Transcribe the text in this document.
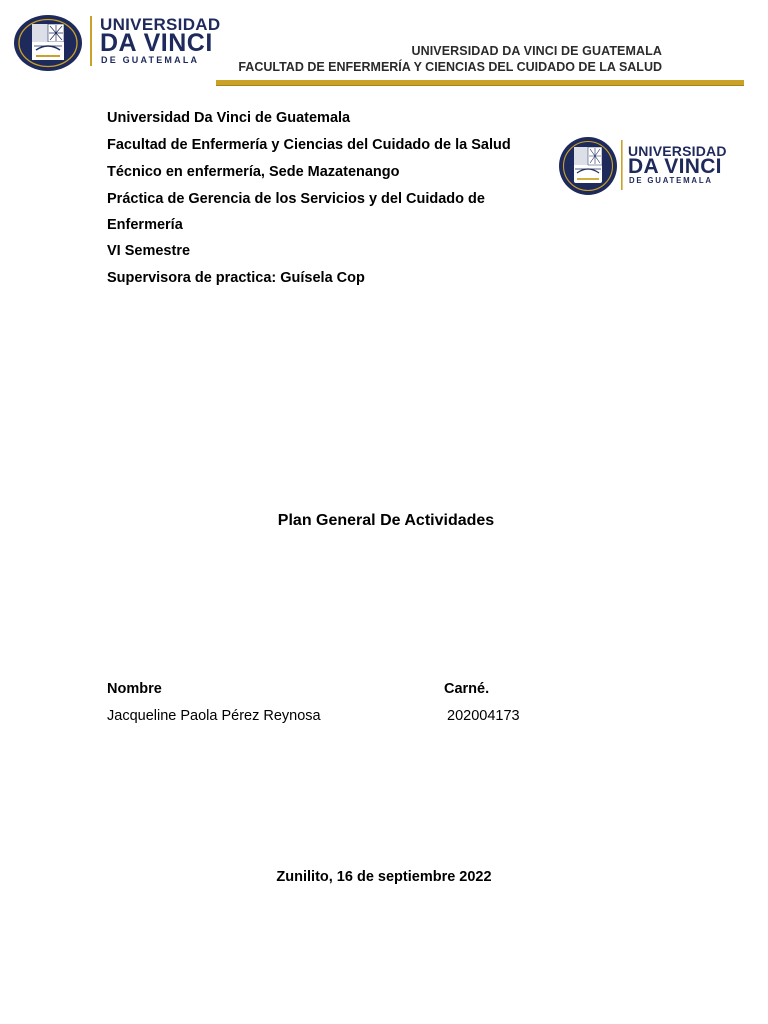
UNIVERSIDAD
DA VINCI
DE GUATEMALA
UNIVERSIDAD DA VINCI DE GUATEMALA
FACULTAD DE ENFERMERÍA Y CIENCIAS DEL CUIDADO DE LA SALUD
UNIVERSIDAD
DA VINCI
DE GUATEMALA
Universidad Da Vinci de Guatemala
Facultad de Enfermería y Ciencias del Cuidado de la Salud
Técnico en enfermería, Sede Mazatenango
Práctica de Gerencia de los Servicios y del Cuidado de
Enfermería
VI Semestre
Supervisora de practica: Guísela Cop
Plan General De Actividades
Nombre	Carné.
Jacqueline Paola Pérez Reynosa	202004173
Zunilito, 16 de septiembre 2022
